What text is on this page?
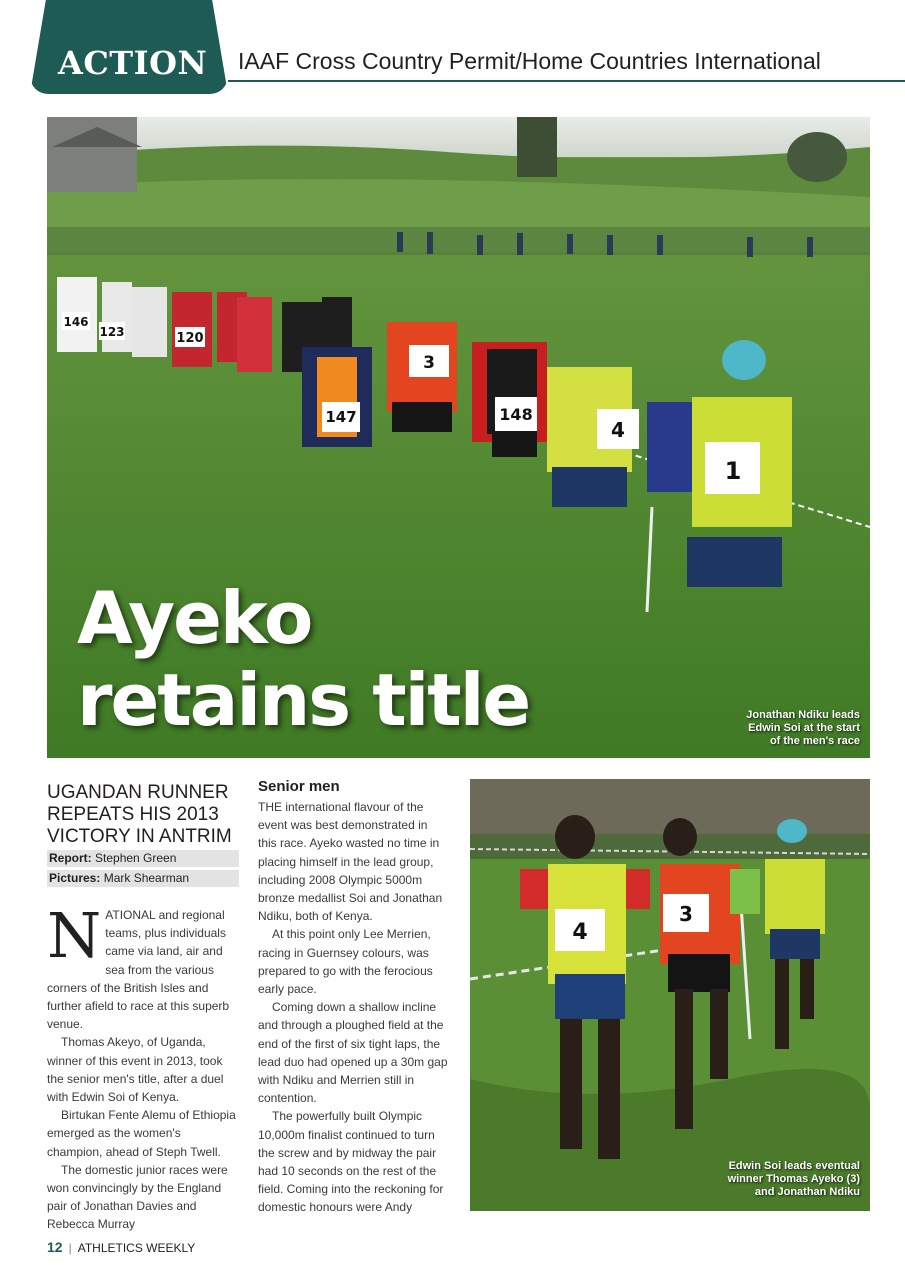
ACTION IAAF Cross Country Permit/Home Countries International
146
123	120
147
3
148
4
1
Ayeko
retains title	Jonathan Ndiku leads Edwin Soi at the start of the men's race
UGANDAN RUNNER REPEATS HIS 2013 VICTORY IN ANTRIM
Report: Stephen Green
Pictures: Mark Shearman

NATIONAL and regional teams, plus individuals came via land, air and sea from the various corners of the British Isles and further afield to race at this superb venue.

Thomas Akeyo, of Uganda, winner of this event in 2013, took the senior men's title, after a duel with Edwin Soi of Kenya.

Birtukan Fente Alemu of Ethiopia emerged as the women's champion, ahead of Steph Twell.

The domestic junior races were won convincingly by the England pair of Jonathan Davies and Rebecca Murray

Senior men

THE international flavour of the event was best demonstrated in this race. Ayeko wasted no time in placing himself in the lead group, including 2008 Olympic 5000m bronze medallist Soi and Jonathan Ndiku, both of Kenya.

At this point only Lee Merrien, racing in Guernsey colours, was prepared to go with the ferocious early pace.

Coming down a shallow incline and through a ploughed field at the end of the first of six tight laps, the lead duo had opened up a 30m gap with Ndiku and Merrien still in contention.

The powerfully built Olympic 10,000m finalist continued to turn the screw and by midway the pair had 10 seconds on the rest of the field. Coming into the reckoning for domestic honours were Andy

4
3
Edwin Soi leads eventual winner Thomas Ayeko (3) and Jonathan Ndiku
12 | ATHLETICS WEEKLY
